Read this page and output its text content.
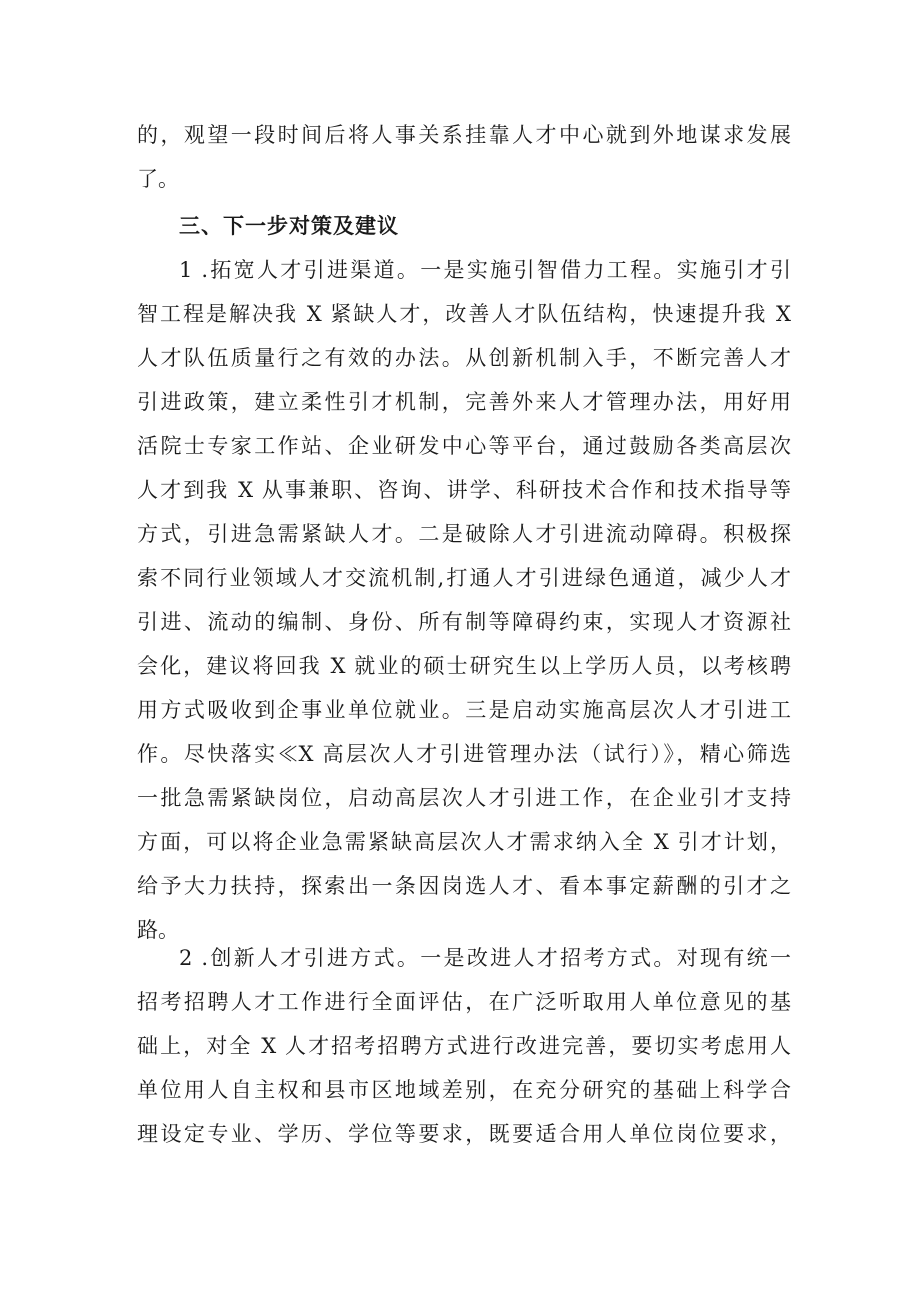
的，观望一段时间后将人事关系挂靠人才中心就到外地谋求发展
了。
三、下一步对策及建议
1 .拓宽人才引进渠道。一是实施引智借力工程。实施引才引
智工程是解决我 X 紧缺人才，改善人才队伍结构，快速提升我 X
人才队伍质量行之有效的办法。从创新机制入手，不断完善人才
引进政策，建立柔性引才机制，完善外来人才管理办法，用好用
活院士专家工作站、企业研发中心等平台，通过鼓励各类高层次
人才到我 X 从事兼职、咨询、讲学、科研技术合作和技术指导等
方式，引进急需紧缺人才。二是破除人才引进流动障碍。积极探
索不同行业领域人才交流机制,打通人才引进绿色通道，减少人才
引进、流动的编制、身份、所有制等障碍约束，实现人才资源社
会化，建议将回我 X 就业的硕士研究生以上学历人员，以考核聘
用方式吸收到企事业单位就业。三是启动实施高层次人才引进工
作。尽快落实≪X 高层次人才引进管理办法（试行）》，精心筛选
一批急需紧缺岗位，启动高层次人才引进工作，在企业引才支持
方面，可以将企业急需紧缺高层次人才需求纳入全 X 引才计划，
给予大力扶持，探索出一条因岗选人才、看本事定薪酬的引才之
路。
2 .创新人才引进方式。一是改进人才招考方式。对现有统一
招考招聘人才工作进行全面评估，在广泛听取用人单位意见的基
础上，对全 X 人才招考招聘方式进行改进完善，要切实考虑用人
单位用人自主权和县市区地域差别，在充分研究的基础上科学合
理设定专业、学历、学位等要求，既要适合用人单位岗位要求，
